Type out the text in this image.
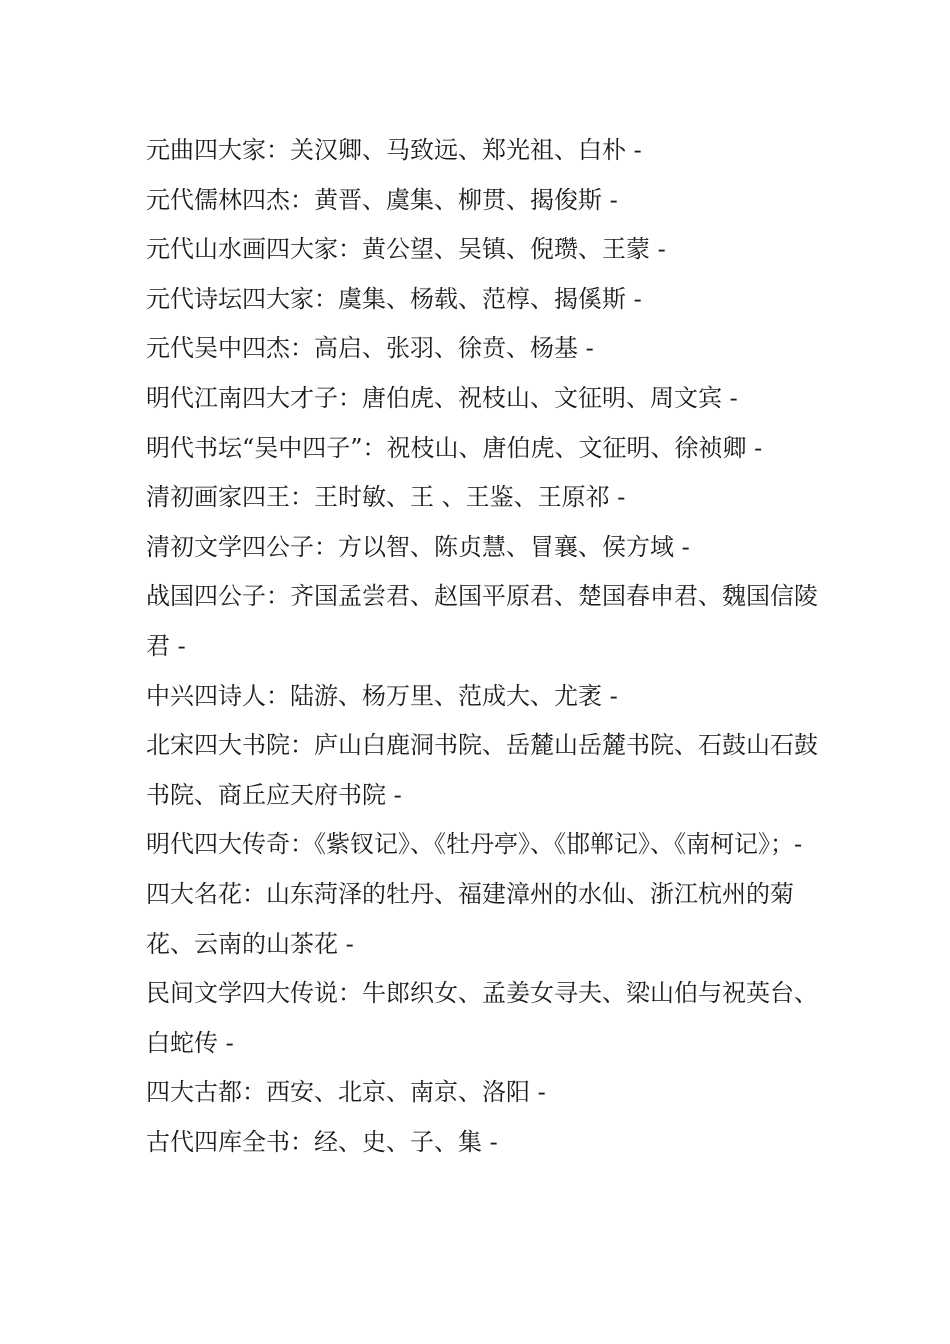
元曲四大家：关汉卿、马致远、郑光祖、白朴 -

元代儒林四杰：黄晋、虞集、柳贯、揭俊斯 -

元代山水画四大家：黄公望、吴镇、倪瓒、王蒙 -

元代诗坛四大家：虞集、杨载、范椁、揭傒斯 -

元代吴中四杰：高启、张羽、徐贲、杨基 -

明代江南四大才子：唐伯虎、祝枝山、文征明、周文宾 -

明代书坛“吴中四子”：祝枝山、唐伯虎、文征明、徐祯卿 -

清初画家四王：王时敏、王 、王鉴、王原祁 -

清初文学四公子：方以智、陈贞慧、冒襄、侯方域 -

战国四公子：齐国孟尝君、赵国平原君、楚国春申君、魏国信陵君 -

中兴四诗人：陆游、杨万里、范成大、尤袤 -

北宋四大书院：庐山白鹿洞书院、岳麓山岳麓书院、石鼓山石鼓书院、商丘应天府书院 -

明代四大传奇：《紫钗记》、《牡丹亭》、《邯郸记》、《南柯记》；-

四大名花：山东菏泽的牡丹、福建漳州的水仙、浙江杭州的菊花、云南的山茶花 -

民间文学四大传说：牛郎织女、孟姜女寻夫、梁山伯与祝英台、白蛇传 -

四大古都：西安、北京、南京、洛阳 -

古代四库全书：经、史、子、集 -
